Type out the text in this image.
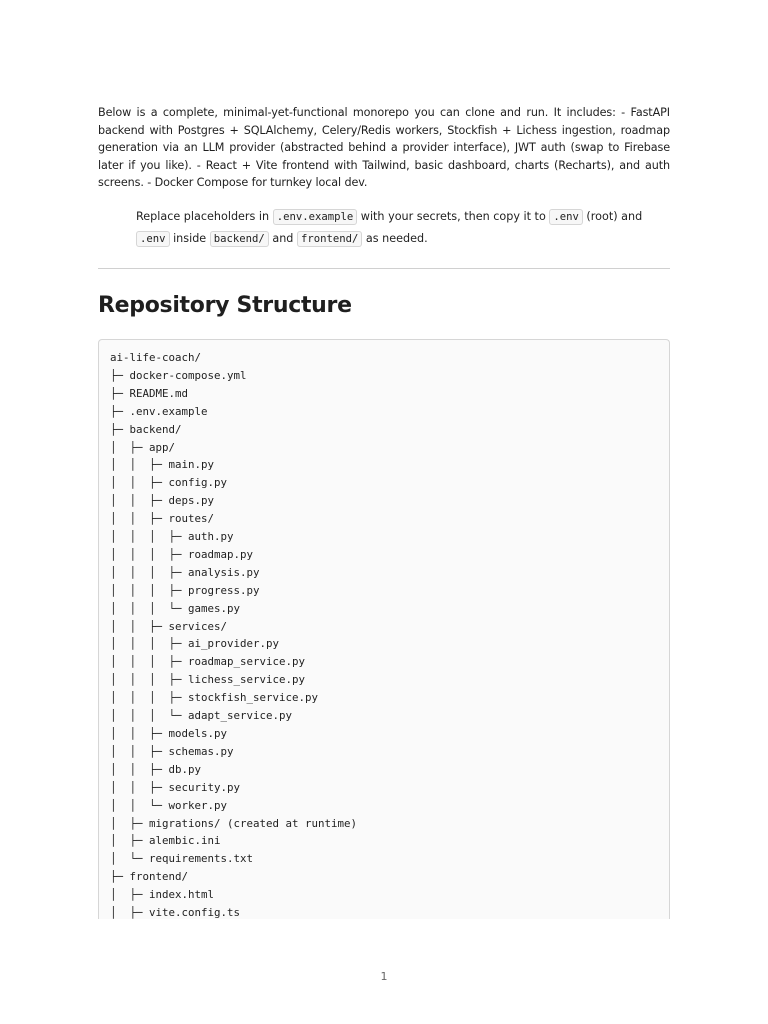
Below is a complete, minimal-yet-functional monorepo you can clone and run. It includes: - FastAPI backend with Postgres + SQLAlchemy, Celery/Redis workers, Stockfish + Lichess ingestion, roadmap generation via an LLM provider (abstracted behind a provider interface), JWT auth (swap to Firebase later if you like). - React + Vite frontend with Tailwind, basic dashboard, charts (Recharts), and auth screens. - Docker Compose for turnkey local dev.

Replace placeholders in .env.example with your secrets, then copy it to .env (root) and
.env inside backend/ and frontend/ as needed.
Repository Structure
ai-life-coach/
├─ docker-compose.yml
├─ README.md
├─ .env.example
├─ backend/
│  ├─ app/
│  │  ├─ main.py
│  │  ├─ config.py
│  │  ├─ deps.py
│  │  ├─ routes/
│  │  │  ├─ auth.py
│  │  │  ├─ roadmap.py
│  │  │  ├─ analysis.py
│  │  │  ├─ progress.py
│  │  │  └─ games.py
│  │  ├─ services/
│  │  │  ├─ ai_provider.py
│  │  │  ├─ roadmap_service.py
│  │  │  ├─ lichess_service.py
│  │  │  ├─ stockfish_service.py
│  │  │  └─ adapt_service.py
│  │  ├─ models.py
│  │  ├─ schemas.py
│  │  ├─ db.py
│  │  ├─ security.py
│  │  └─ worker.py
│  ├─ migrations/ (created at runtime)
│  ├─ alembic.ini
│  └─ requirements.txt
├─ frontend/
│  ├─ index.html
│  ├─ vite.config.ts
1
